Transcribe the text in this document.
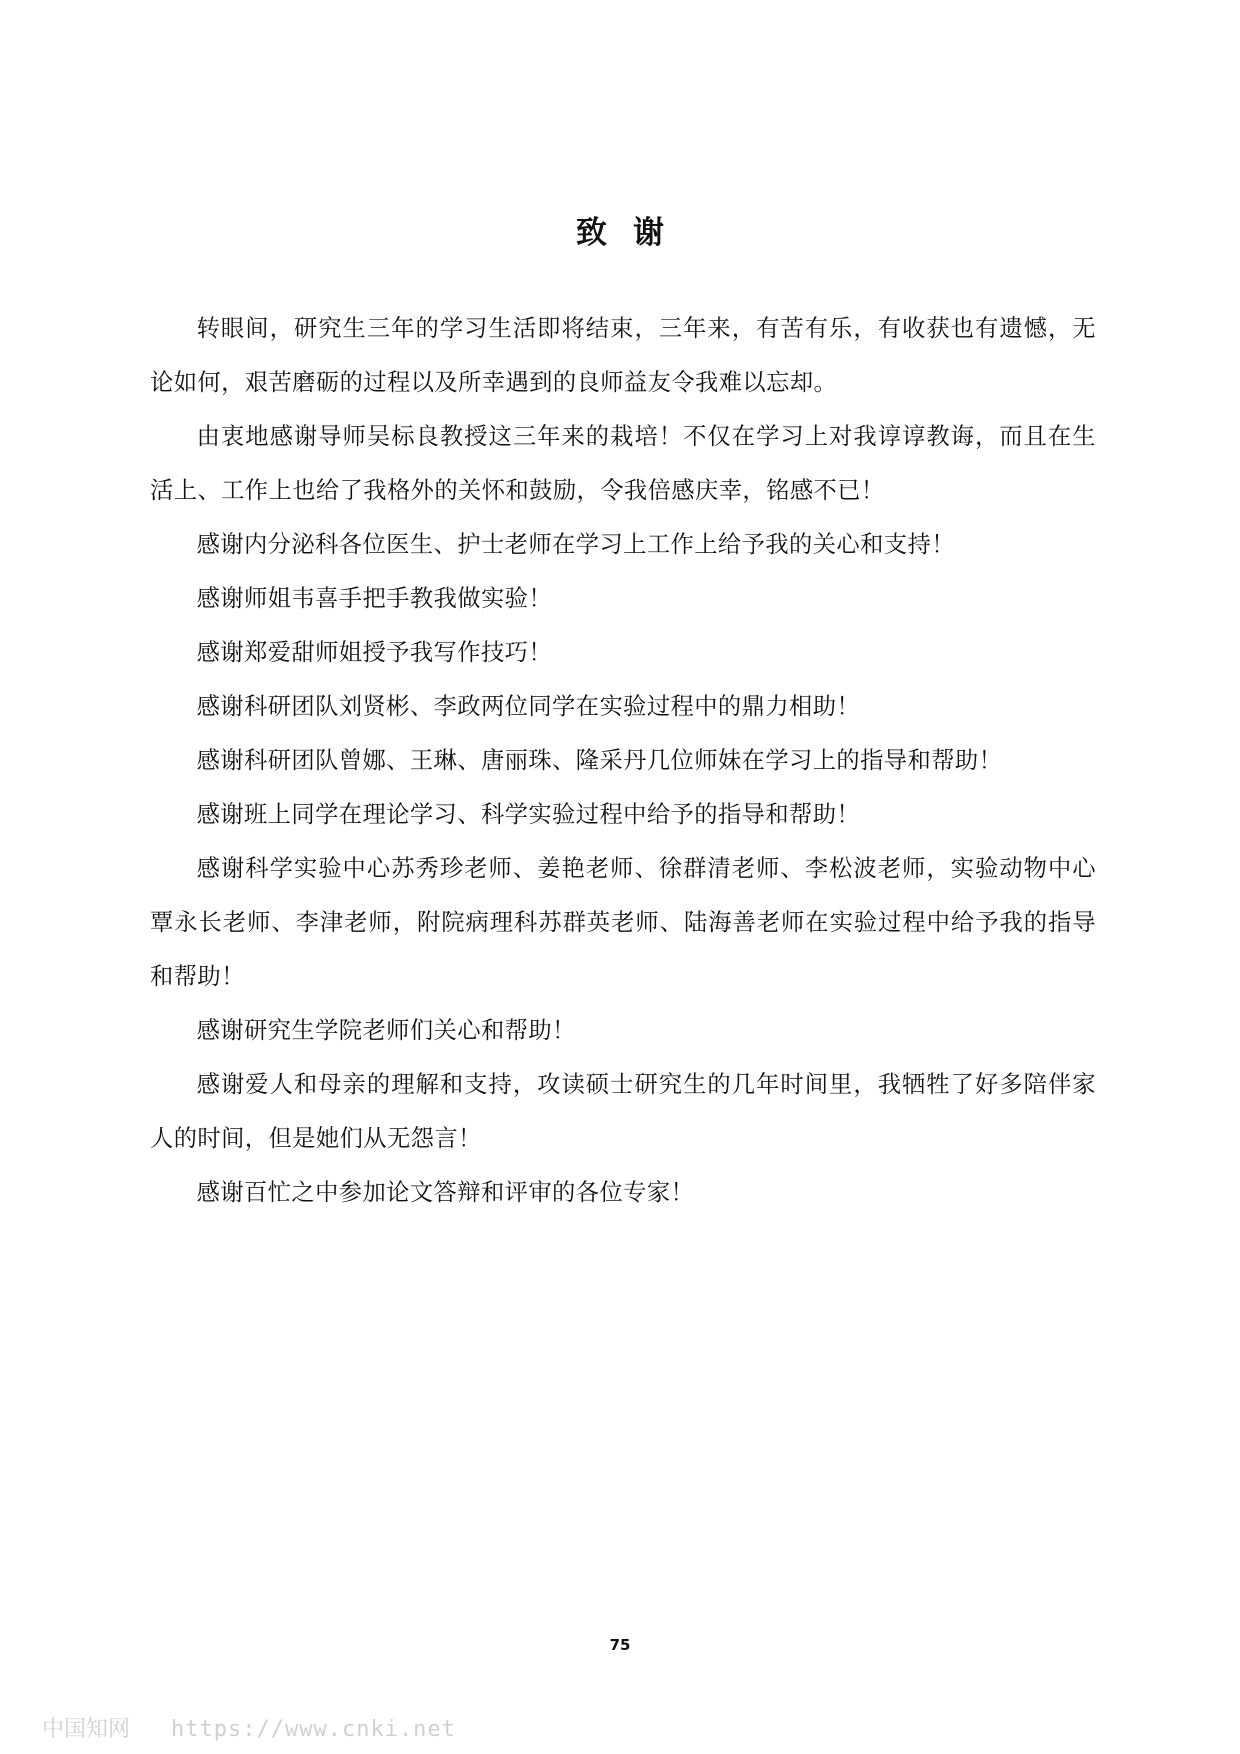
致谢

转眼间，研究生三年的学习生活即将结束，三年来，有苦有乐，有收获也有遗憾，无论如何，艰苦磨砺的过程以及所幸遇到的良师益友令我难以忘却。

由衷地感谢导师吴标良教授这三年来的栽培！不仅在学习上对我谆谆教诲，而且在生活上、工作上也给了我格外的关怀和鼓励，令我倍感庆幸，铭感不已！

感谢内分泌科各位医生、护士老师在学习上工作上给予我的关心和支持！

感谢师姐韦喜手把手教我做实验！

感谢郑爱甜师姐授予我写作技巧！

感谢科研团队刘贤彬、李政两位同学在实验过程中的鼎力相助！

感谢科研团队曾娜、王琳、唐丽珠、隆采丹几位师妹在学习上的指导和帮助！

感谢班上同学在理论学习、科学实验过程中给予的指导和帮助！

感谢科学实验中心苏秀珍老师、姜艳老师、徐群清老师、李松波老师，实验动物中心覃永长老师、李津老师，附院病理科苏群英老师、陆海善老师在实验过程中给予我的指导和帮助！

感谢研究生学院老师们关心和帮助！

感谢爱人和母亲的理解和支持，攻读硕士研究生的几年时间里，我牺牲了好多陪伴家人的时间，但是她们从无怨言！

感谢百忙之中参加论文答辩和评审的各位专家！

75
中国知网 https://www.cnki.net
